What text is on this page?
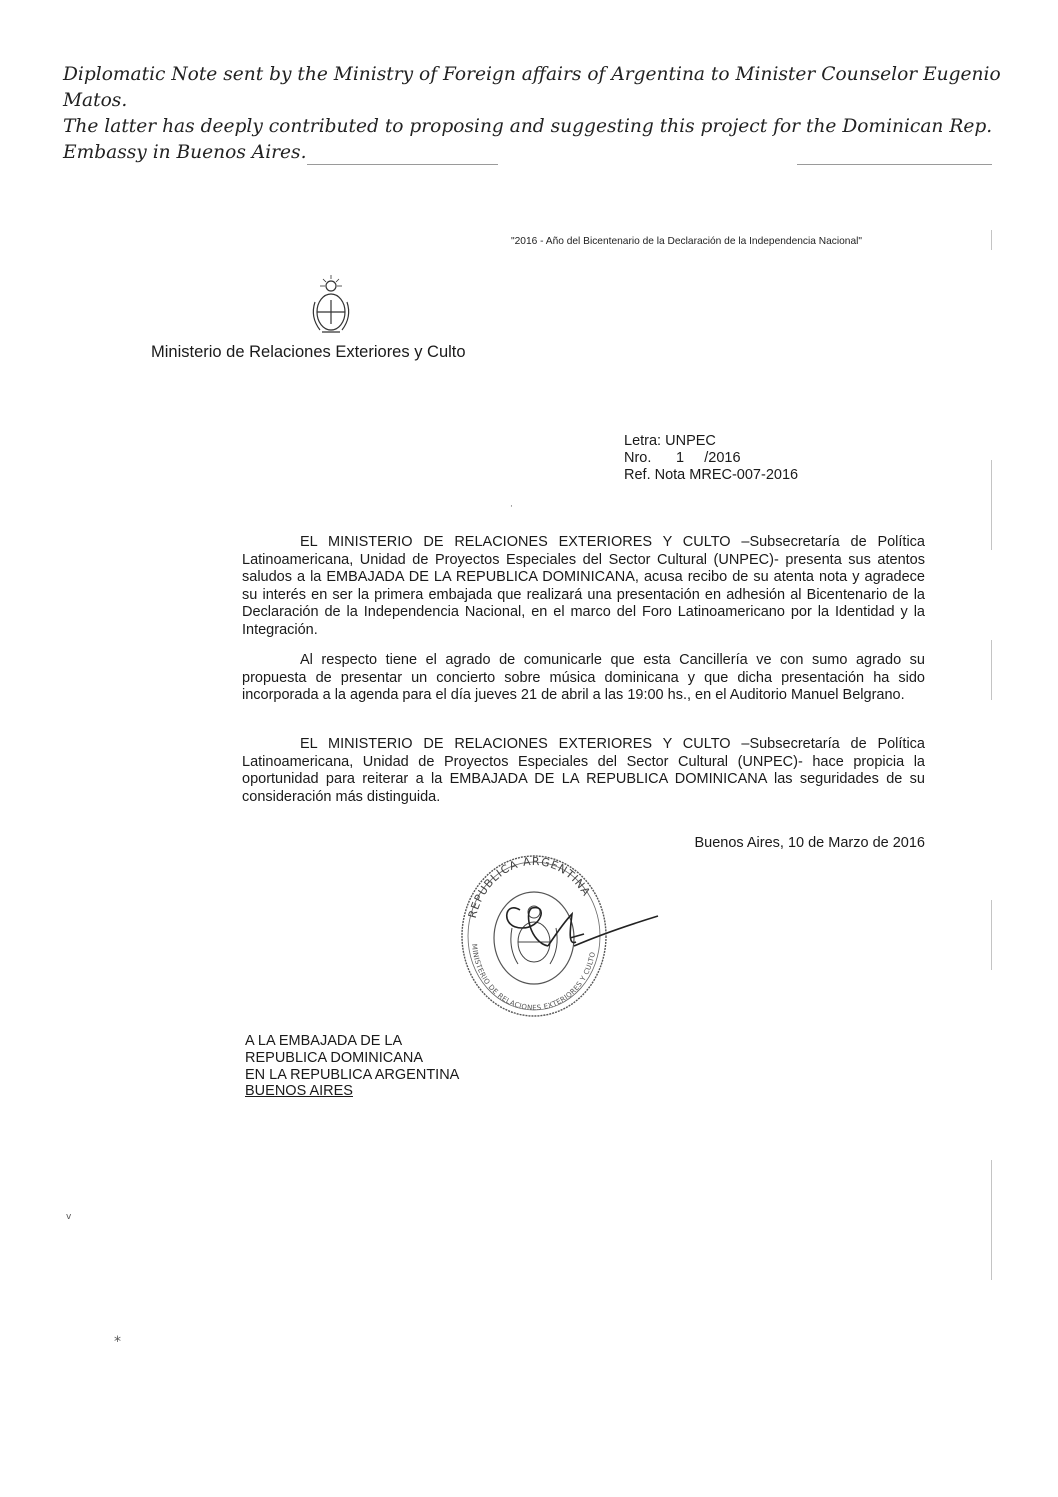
Diplomatic Note sent by the Ministry of Foreign affairs of Argentina to Minister Counselor Eugenio Matos.
The latter has deeply contributed to proposing and suggesting this project for the Dominican Rep.
Embassy in Buenos Aires.
"2016 - Año del Bicentenario de la Declaración de la Independencia Nacional"
Ministerio de Relaciones Exteriores y Culto
Letra: UNPEC
Nro. 1     /2016
Ref. Nota MREC-007-2016

EL MINISTERIO DE RELACIONES EXTERIORES Y CULTO –Subsecretaría de Política Latinoamericana, Unidad de Proyectos Especiales del Sector Cultural (UNPEC)- presenta sus atentos saludos a la EMBAJADA DE LA REPUBLICA DOMINICANA, acusa recibo de su atenta nota y agradece su interés en ser la primera embajada que realizará una presentación en adhesión al Bicentenario de la Declaración de la Independencia Nacional, en el marco del Foro Latinoamericano por la Identidad y la Integración.

Al respecto tiene el agrado de comunicarle que esta Cancillería ve con sumo agrado su propuesta de presentar un concierto sobre música dominicana y que dicha presentación ha sido incorporada a la agenda para el día jueves 21 de abril a las 19:00 hs., en el Auditorio Manuel Belgrano.

EL MINISTERIO DE RELACIONES EXTERIORES Y CULTO –Subsecretaría de Política Latinoamericana, Unidad de Proyectos Especiales del Sector Cultural (UNPEC)- hace propicia la oportunidad para reiterar a la EMBAJADA DE LA REPUBLICA DOMINICANA las seguridades de su consideración más distinguida.

Buenos Aires, 10 de Marzo de 2016
REPUBLICA ARGENTINA
MINISTERIO DE RELACIONES EXTERIORES Y CULTO
A LA EMBAJADA DE LA
REPUBLICA DOMINICANA
EN LA REPUBLICA ARGENTINA
BUENOS AIRES
*
v
·
